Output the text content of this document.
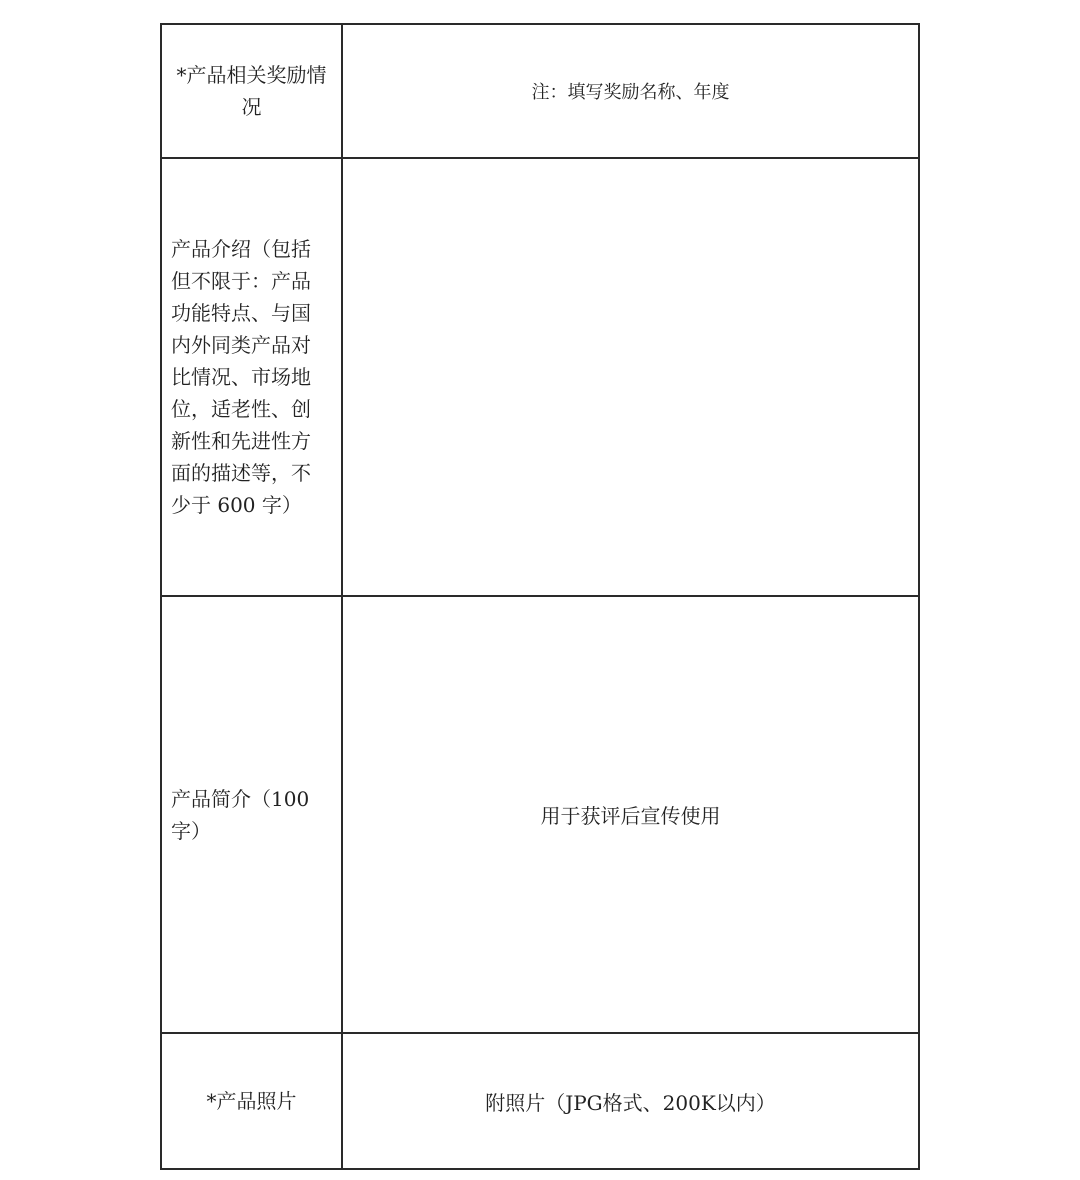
*产品相关奖励情况
注：填写奖励名称、年度
产品介绍（包括但不限于：产品功能特点、与国内外同类产品对比情况、市场地位，适老性、创新性和先进性方面的描述等，不少于 600 字）
产品简介（100 字）
用于获评后宣传使用
*产品照片	附照片（JPG格式、200K以内）
